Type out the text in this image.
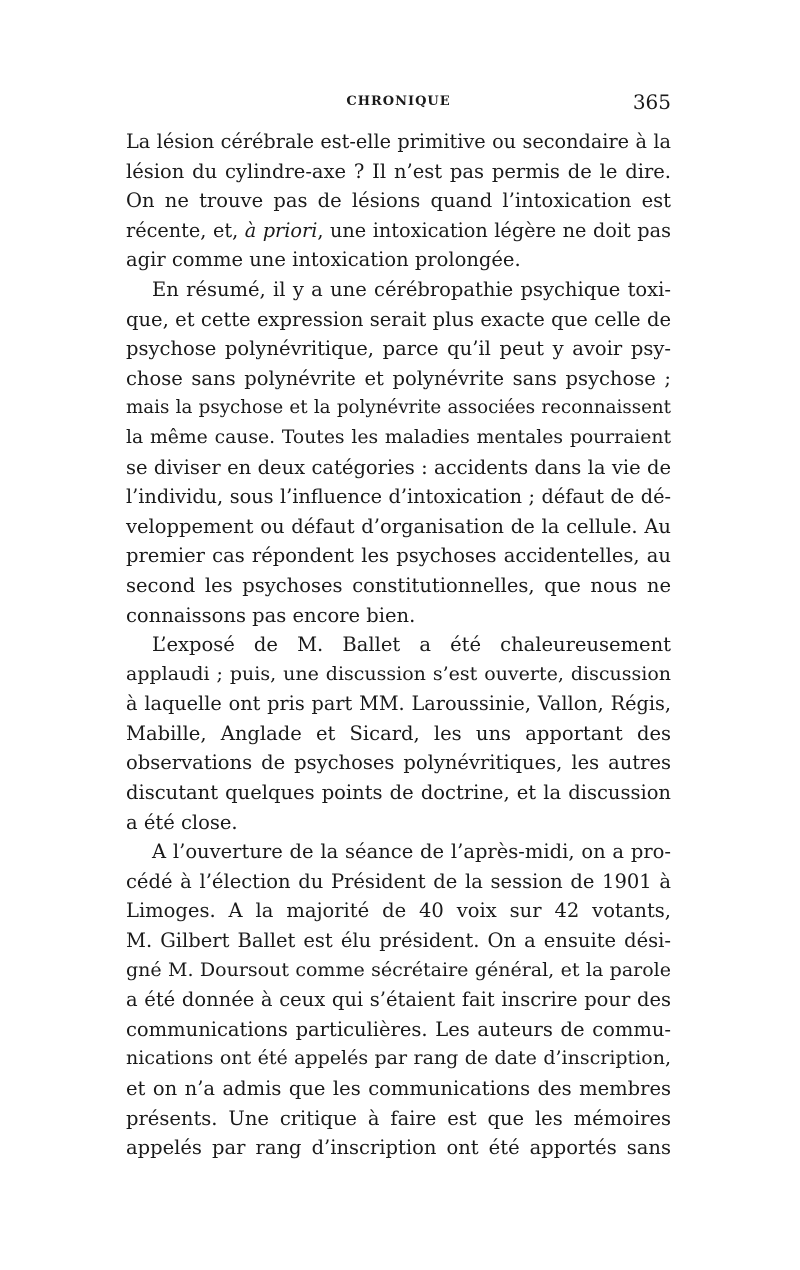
CHRONIQUE	365
La lésion cérébrale est-elle primitive ou secondaire à la
lésion du cylindre-axe ? Il n’est pas permis de le dire.
On ne trouve pas de lésions quand l’intoxication est
récente, et, à priori, une intoxication légère ne doit pas
agir comme une intoxication prolongée.
En résumé, il y a une cérébropathie psychique toxi-
que, et cette expression serait plus exacte que celle de
psychose polynévritique, parce qu’il peut y avoir psy-
chose sans polynévrite et polynévrite sans psychose ;
mais la psychose et la polynévrite associées reconnaissent
la même cause. Toutes les maladies mentales pourraient
se diviser en deux catégories : accidents dans la vie de
l’individu, sous l’influence d’intoxication ; défaut de dé-
veloppement ou défaut d’organisation de la cellule. Au
premier cas répondent les psychoses accidentelles, au
second les psychoses constitutionnelles, que nous ne
connaissons pas encore bien.
L’exposé de M. Ballet a été chaleureusement
applaudi ; puis, une discussion s’est ouverte, discussion
à laquelle ont pris part MM. Laroussinie, Vallon, Régis,
Mabille, Anglade et Sicard, les uns apportant des
observations de psychoses polynévritiques, les autres
discutant quelques points de doctrine, et la discussion
a été close.
A l’ouverture de la séance de l’après-midi, on a pro-
cédé à l’élection du Président de la session de 1901 à
Limoges. A la majorité de 40 voix sur 42 votants,
M. Gilbert Ballet est élu président. On a ensuite dési-
gné M. Doursout comme sécrétaire général, et la parole
a été donnée à ceux qui s’étaient fait inscrire pour des
communications particulières. Les auteurs de commu-
nications ont été appelés par rang de date d’inscription,
et on n’a admis que les communications des membres
présents. Une critique à faire est que les mémoires
appelés par rang d’inscription ont été apportés sans
